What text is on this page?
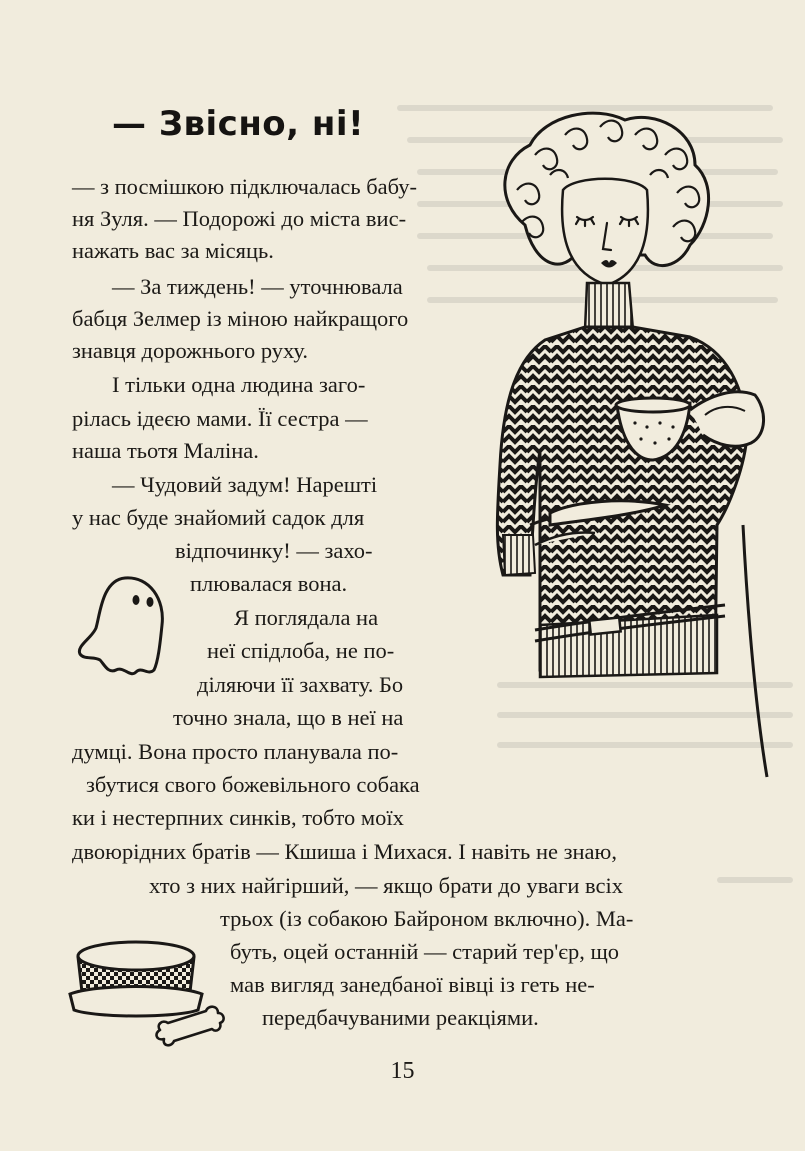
— Звісно, ні!
— з посмішкою підключалась бабу-
ня Зуля. — Подорожі до міста вис-
нажать вас за місяць.
— За тиждень! — уточнювала
бабця Зелмер із міною найкращого
знавця дорожнього руху.
І тільки одна людина заго-
рілась ідеєю мами. Її сестра —
наша тьотя Маліна.
— Чудовий задум! Нарешті
у нас буде знайомий садок для
відпочинку! — захо-
плювалася вона.
Я поглядала на
неї спідлоба, не по-
діляючи її захвату. Бо
точно знала, що в неї на
думці. Вона просто планувала по-
збутися свого божевільного собака
ки і нестерпних синків, тобто моїх
двоюрідних братів — Кшиша і Михася. І навіть не знаю,
хто з них найгірший, — якщо брати до уваги всіх
трьох (із собакою Байроном включно). Ма-
буть, оцей останній — старий тер'єр, що
мав вигляд занедбаної вівці із геть не-
передбачуваними реакціями.
15
